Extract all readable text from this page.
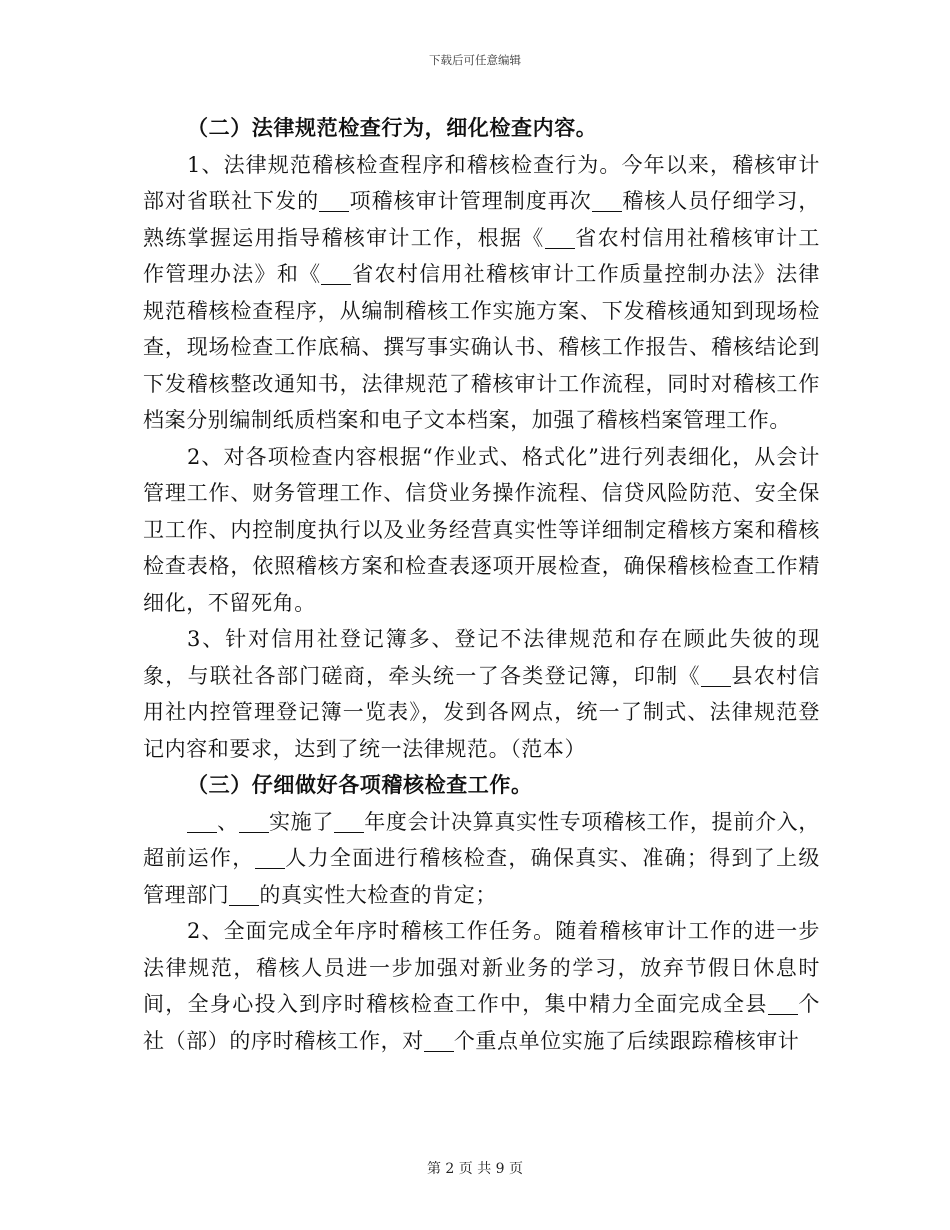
下载后可任意编辑

（二）法律规范检查行为，细化检查内容。

1、法律规范稽核检查程序和稽核检查行为。今年以来，稽核审计部对省联社下发的 项稽核审计管理制度再次 稽核人员仔细学习，熟练掌握运用指导稽核审计工作，根据《 省农村信用社稽核审计工作管理办法》和《 省农村信用社稽核审计工作质量控制办法》法律规范稽核检查程序，从编制稽核工作实施方案、下发稽核通知到现场检查，现场检查工作底稿、撰写事实确认书、稽核工作报告、稽核结论到下发稽核整改通知书，法律规范了稽核审计工作流程，同时对稽核工作档案分别编制纸质档案和电子文本档案，加强了稽核档案管理工作。

2、对各项检查内容根据“作业式、格式化”进行列表细化，从会计管理工作、财务管理工作、信贷业务操作流程、信贷风险防范、安全保卫工作、内控制度执行以及业务经营真实性等详细制定稽核方案和稽核检查表格，依照稽核方案和检查表逐项开展检查，确保稽核检查工作精细化，不留死角。

3、针对信用社登记簿多、登记不法律规范和存在顾此失彼的现象，与联社各部门磋商，牵头统一了各类登记簿，印制《 县农村信用社内控管理登记簿一览表》，发到各网点，统一了制式、法律规范登记内容和要求，达到了统一法律规范。（范本）

（三）仔细做好各项稽核检查工作。

、 实施了 年度会计决算真实性专项稽核工作，提前介入，超前运作， 人力全面进行稽核检查，确保真实、准确；得到了上级管理部门 的真实性大检查的肯定；

2、全面完成全年序时稽核工作任务。随着稽核审计工作的进一步法律规范，稽核人员进一步加强对新业务的学习，放弃节假日休息时间，全身心投入到序时稽核检查工作中，集中精力全面完成全县 个社（部）的序时稽核工作，对 个重点单位实施了后续跟踪稽核审计

第 2 页 共 9 页
